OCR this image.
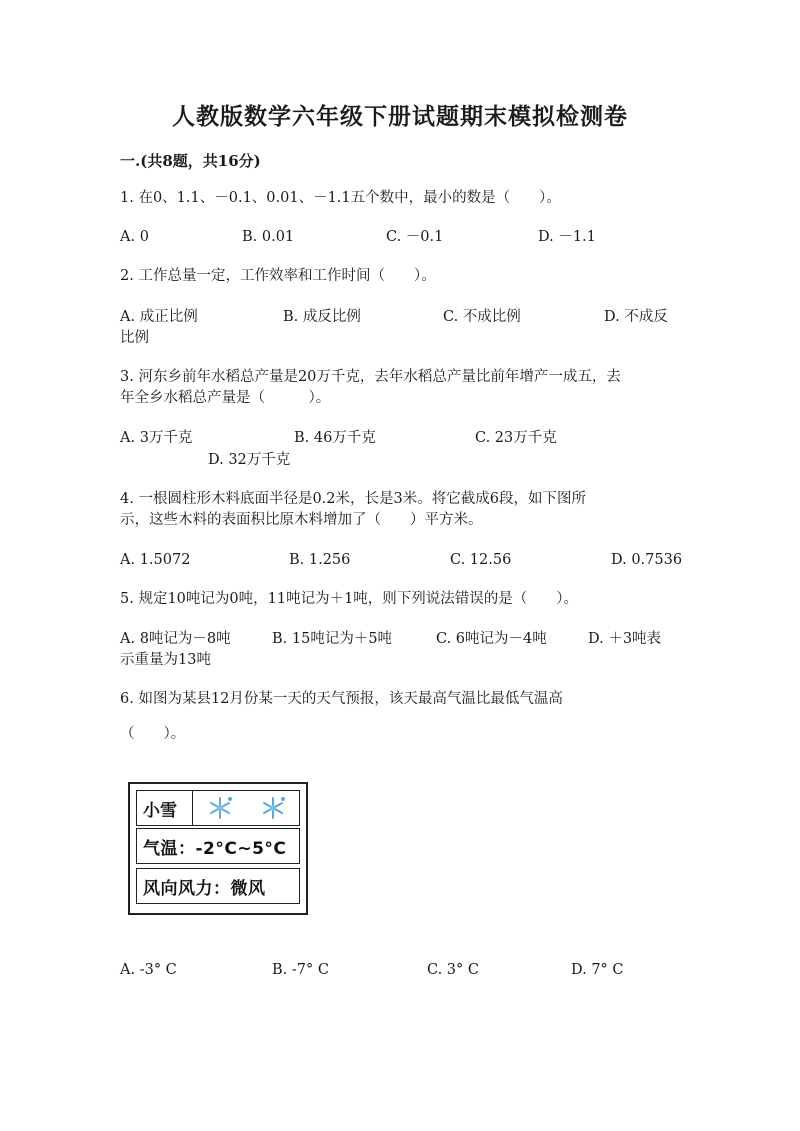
人教版数学六年级下册试题期末模拟检测卷
一.(共8题，共16分)
1. 在0、1.1、－0.1、0.01、－1.1五个数中，最小的数是（　　）。
A. 0	B. 0.01	C. －0.1	D. －1.1
2. 工作总量一定，工作效率和工作时间（　　）。
A. 成正比例	B. 成反比例	C. 不成比例	D. 不成反
比例
3. 河东乡前年水稻总产量是20万千克，去年水稻总产量比前年增产一成五，去
年全乡水稻总产量是（　　　）。
A. 3万千克	B. 46万千克	C. 23万千克
D. 32万千克
4. 一根圆柱形木料底面半径是0.2米，长是3米。将它截成6段，如下图所
示，这些木料的表面积比原木料增加了（　　）平方米。
A. 1.5072	B. 1.256	C. 12.56	D. 0.7536
5. 规定10吨记为0吨，11吨记为＋1吨，则下列说法错误的是（　　）。
A. 8吨记为－8吨	B. 15吨记为＋5吨	C. 6吨记为－4吨	D. ＋3吨表
示重量为13吨
6. 如图为某县12月份某一天的天气预报，该天最高气温比最低气温高
（　　）。
小雪
气温：-2°C~5°C
风向风力：微风
A. -3° C	B. -7° C	C. 3° C	D. 7° C
